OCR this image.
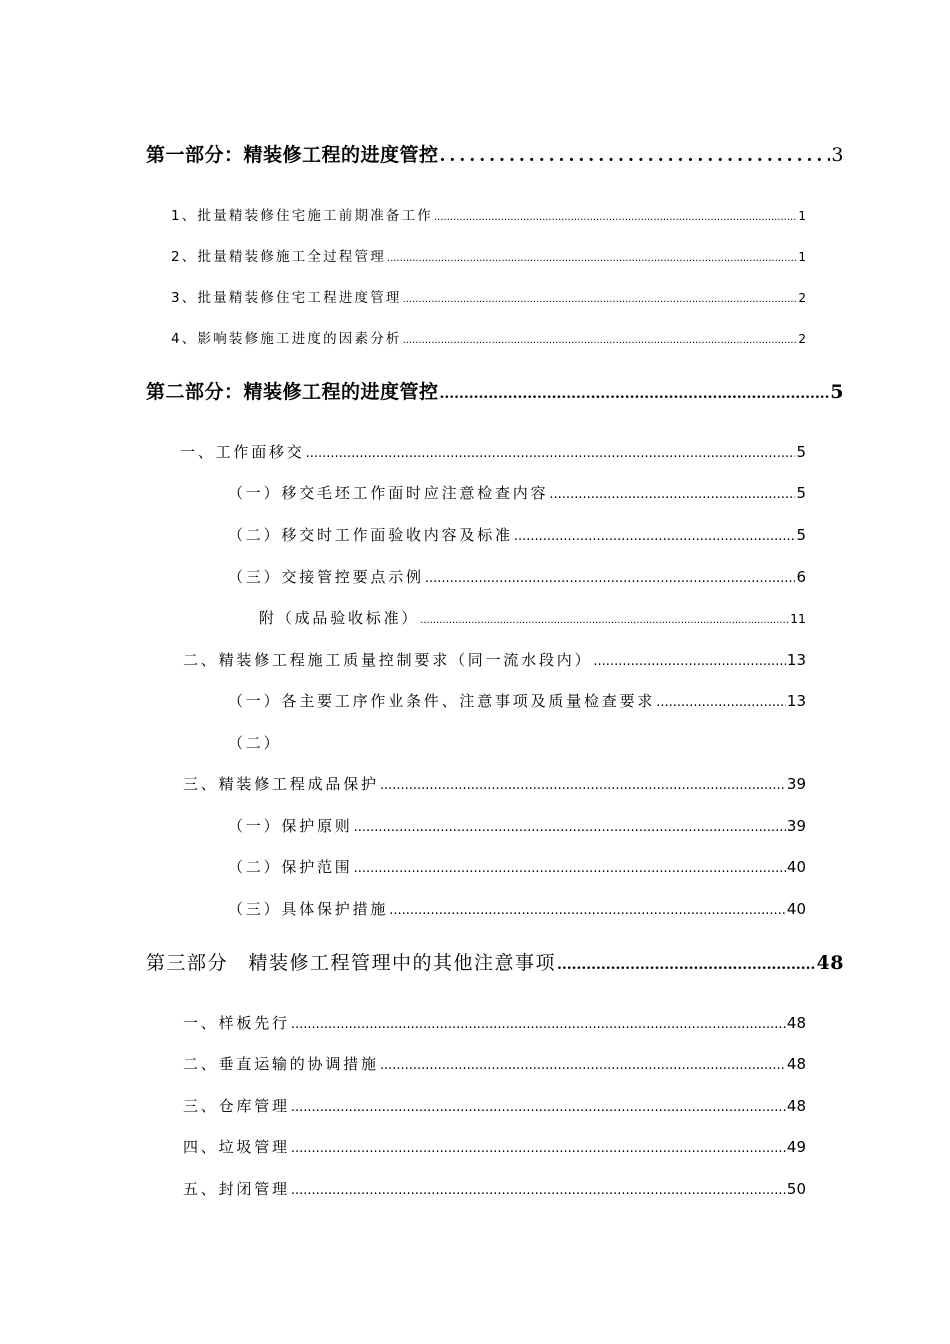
第一部分：精装修工程的进度管控 .....	3
1、批量精装修住宅施工前期准备工作 .....	1
2、批量精装修施工全过程管理 .....	1
3、批量精装修住宅工程进度管理 .....	2
4、影响装修施工进度的因素分析 .....	2
第二部分：精装修工程的进度管控 .....	5
一、工作面移交 .....	5
（一）移交毛坯工作面时应注意检查内容 .....	5
（二）移交时工作面验收内容及标准 .....	5
（三）交接管控要点示例 .....	6
附（成品验收标准） .....	11
二、精装修工程施工质量控制要求（同一流水段内） .....	13
（一）各主要工序作业条件、注意事项及质量检查要求 .....	13
（二）
三、精装修工程成品保护 .....	39
（一）保护原则 .....	39
（二）保护范围 .....	40
（三）具体保护措施 .....	40
第三部分　精装修工程管理中的其他注意事项 .....	48
一、样板先行 .....	48
二、垂直运输的协调措施 .....	48
三、仓库管理 .....	48
四、垃圾管理 .....	49
五、封闭管理 .....	50
